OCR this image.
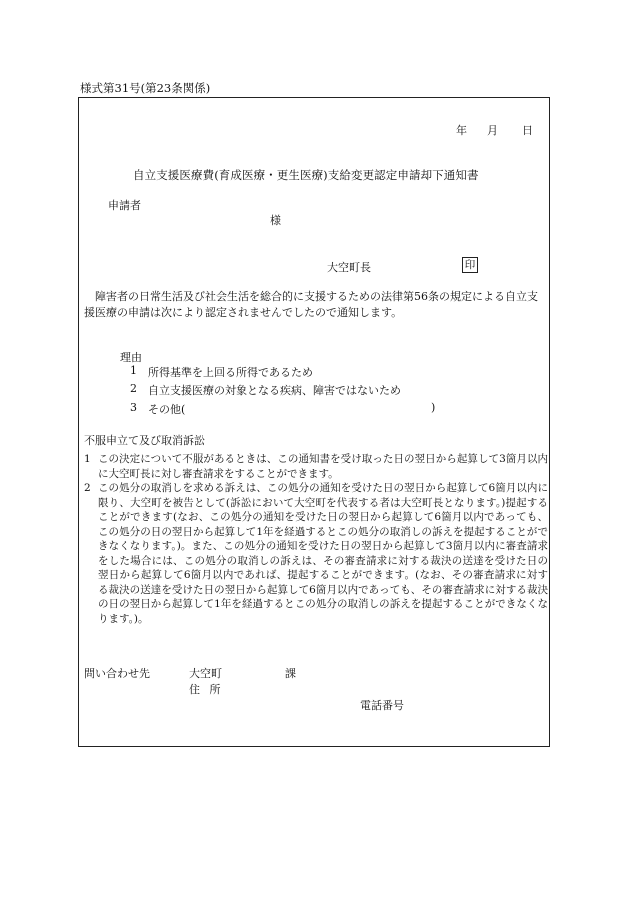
様式第31号(第23条関係)
年 月 日
自立支援医療費(育成医療・更生医療)支給変更認定申請却下通知書
申請者
様
大空町長	印
障害者の日常生活及び社会生活を総合的に支援するための法律第56条の規定による自立支援医療の申請は次により認定されませんでしたので通知します。
理由
1 所得基準を上回る所得であるため
2 自立支援医療の対象となる疾病、障害ではないため
3 その他(	)
不服申立て及び取消訴訟

1 この決定について不服があるときは、この通知書を受け取った日の翌日から起算して3箇月以内に大空町長に対し審査請求をすることができます。

2 この処分の取消しを求める訴えは、この処分の通知を受けた日の翌日から起算して6箇月以内に限り、大空町を被告として(訴訟において大空町を代表する者は大空町長となります。)提起することができます(なお、この処分の通知を受けた日の翌日から起算して6箇月以内であっても、この処分の日の翌日から起算して1年を経過するとこの処分の取消しの訴えを提起することができなくなります。)。また、この処分の通知を受けた日の翌日から起算して3箇月以内に審査請求をした場合には、この処分の取消しの訴えは、その審査請求に対する裁決の送達を受けた日の翌日から起算して6箇月以内であれば、提起することができます。(なお、その審査請求に対する裁決の送達を受けた日の翌日から起算して6箇月以内であっても、その審査請求に対する裁決の日の翌日から起算して1年を経過するとこの処分の取消しの訴えを提起することができなくなります。)。

問い合わせ先	大空町	課
住 所
電話番号
